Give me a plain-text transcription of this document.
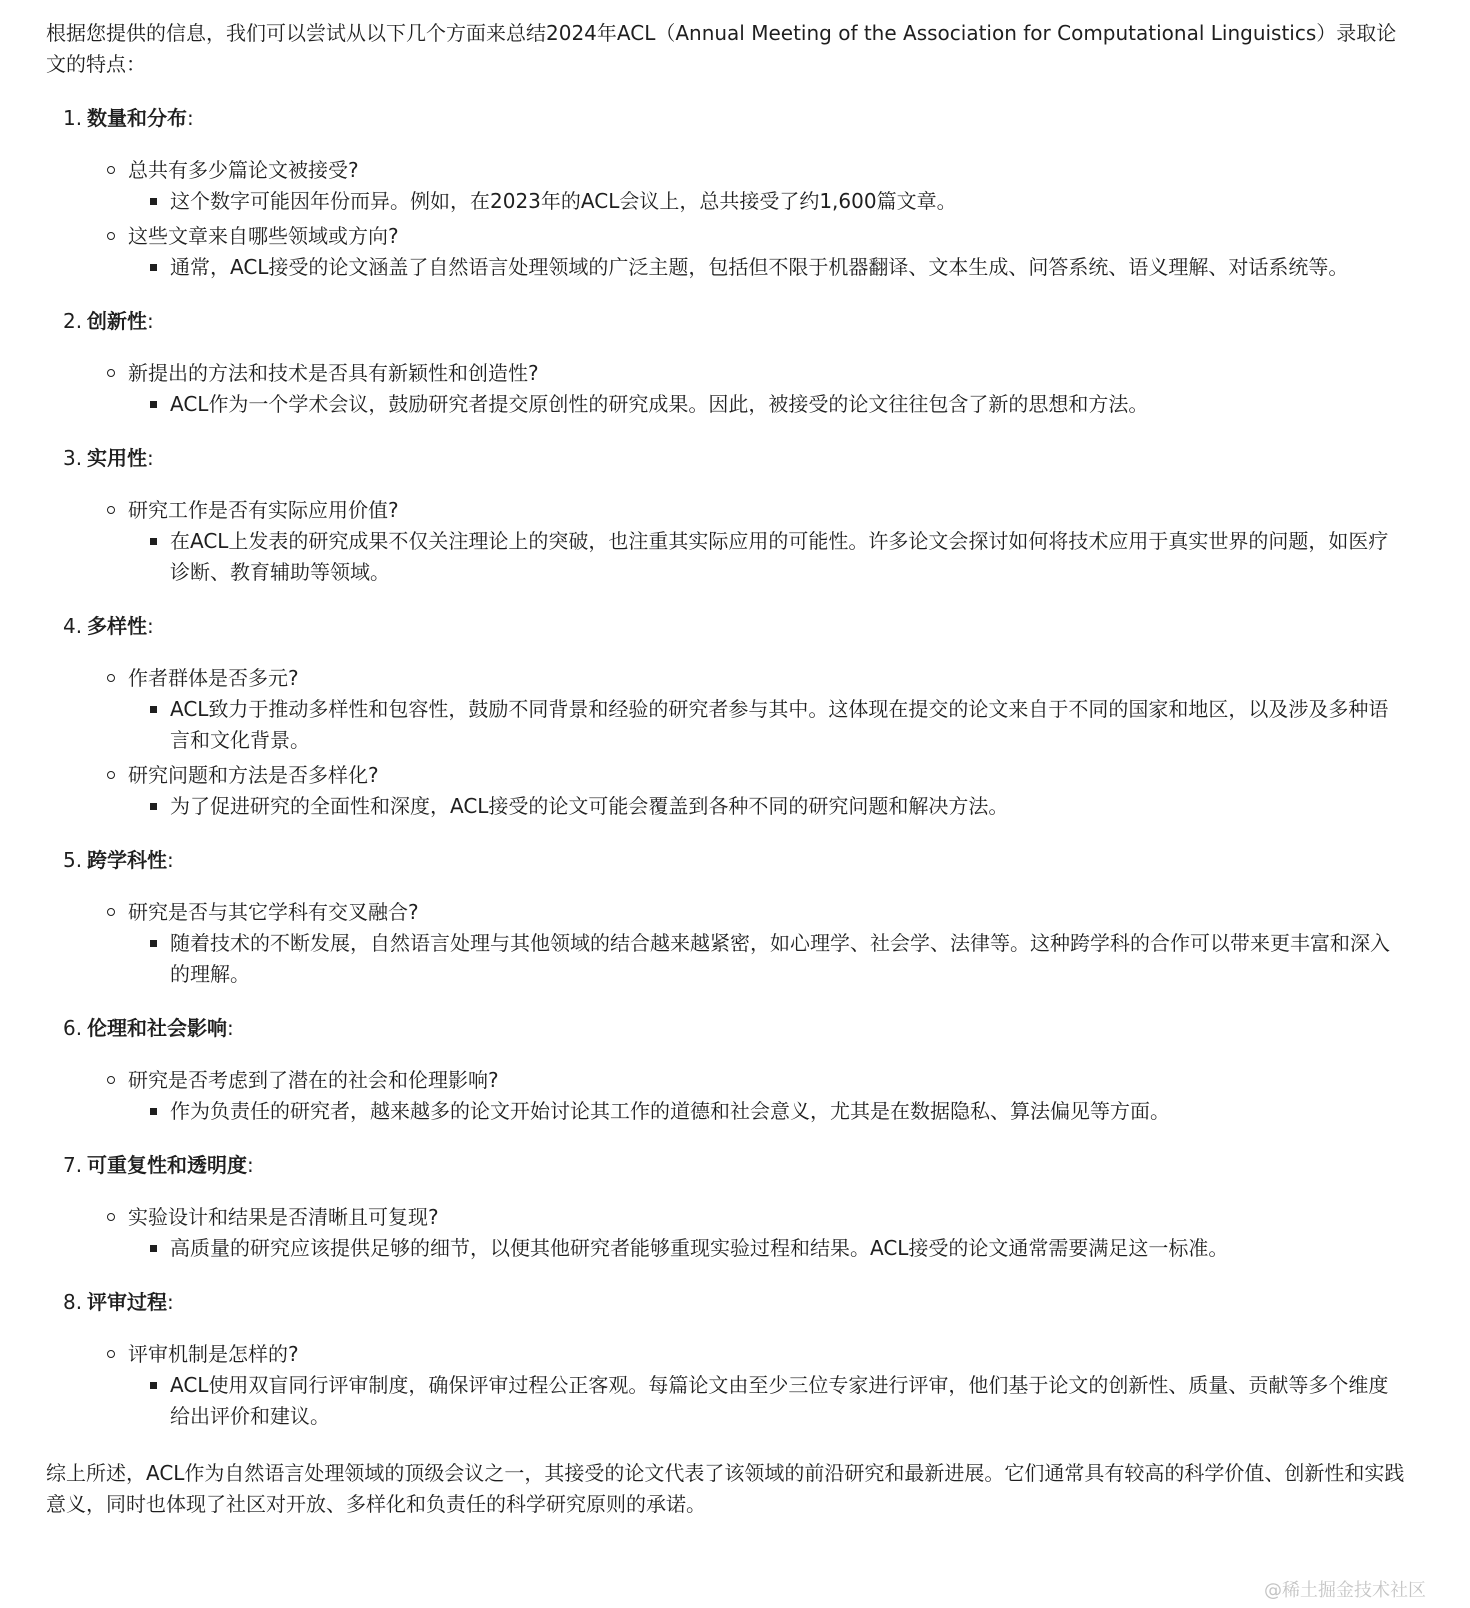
根据您提供的信息，我们可以尝试从以下几个方面来总结2024年ACL（Annual Meeting of the Association for Computational Linguistics）录取论文的特点：

1. 数量和分布:
总共有多少篇论文被接受?
这个数字可能因年份而异。例如，在2023年的ACL会议上，总共接受了约1,600篇文章。
这些文章来自哪些领域或方向?
通常，ACL接受的论文涵盖了自然语言处理领域的广泛主题，包括但不限于机器翻译、文本生成、问答系统、语义理解、对话系统等。
2. 创新性:
新提出的方法和技术是否具有新颖性和创造性?
ACL作为一个学术会议，鼓励研究者提交原创性的研究成果。因此，被接受的论文往往包含了新的思想和方法。
3. 实用性:
研究工作是否有实际应用价值?
在ACL上发表的研究成果不仅关注理论上的突破，也注重其实际应用的可能性。许多论文会探讨如何将技术应用于真实世界的问题，如医疗诊断、教育辅助等领域。
4. 多样性:
作者群体是否多元?
ACL致力于推动多样性和包容性，鼓励不同背景和经验的研究者参与其中。这体现在提交的论文来自于不同的国家和地区，以及涉及多种语言和文化背景。
研究问题和方法是否多样化?
为了促进研究的全面性和深度，ACL接受的论文可能会覆盖到各种不同的研究问题和解决方法。
5. 跨学科性:
研究是否与其它学科有交叉融合?
随着技术的不断发展，自然语言处理与其他领域的结合越来越紧密，如心理学、社会学、法律等。这种跨学科的合作可以带来更丰富和深入的理解。
6. 伦理和社会影响:
研究是否考虑到了潜在的社会和伦理影响?
作为负责任的研究者，越来越多的论文开始讨论其工作的道德和社会意义，尤其是在数据隐私、算法偏见等方面。
7. 可重复性和透明度:
实验设计和结果是否清晰且可复现?
高质量的研究应该提供足够的细节，以便其他研究者能够重现实验过程和结果。ACL接受的论文通常需要满足这一标准。
8. 评审过程:
评审机制是怎样的?
ACL使用双盲同行评审制度，确保评审过程公正客观。每篇论文由至少三位专家进行评审，他们基于论文的创新性、质量、贡献等多个维度给出评价和建议。

综上所述，ACL作为自然语言处理领域的顶级会议之一，其接受的论文代表了该领域的前沿研究和最新进展。它们通常具有较高的科学价值、创新性和实践意义，同时也体现了社区对开放、多样化和负责任的科学研究原则的承诺。

@稀土掘金技术社区
